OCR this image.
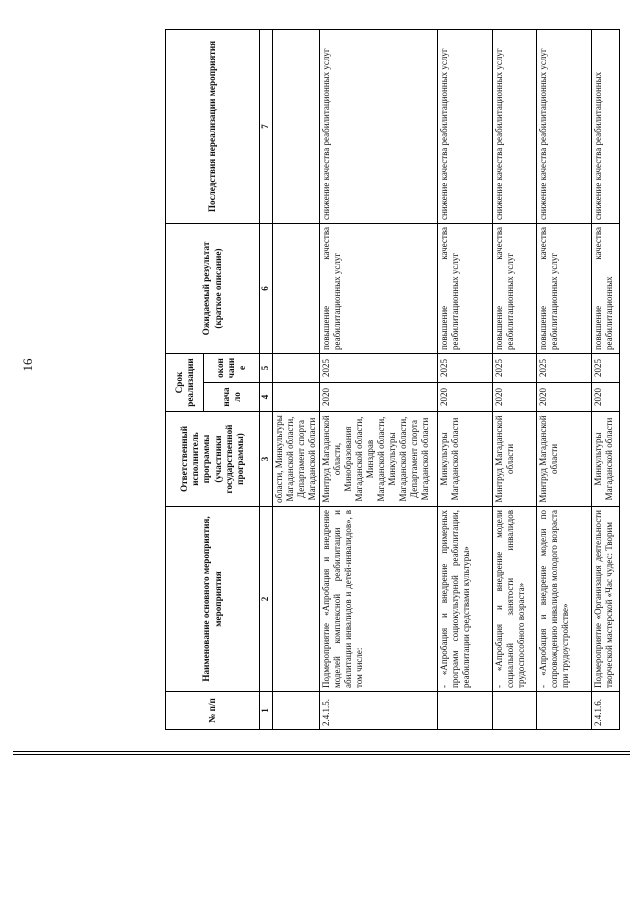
16
№ п/п	Наименование основного мероприятия, мероприятия	Ответственный исполнитель программы (участники государственной программы)	Срок реализации		Ожидаемый результат (краткое описание)	Последствия нереализации мероприятия
			нача ло	окон чани е		
1	2	3	4	5	6	7
		области, Минкультуры Магаданской области, Департамент спорта Магаданской области				
2.4.1.5.	Подмероприятие «Апробация и внедрение моделей комплексной реабилитации и абилитации инвалидов и детей-инвалидов», в том числе:	Минтруд Магаданской области, Минобразования Магаданской области, Минздрав Магаданской области, Минкультуры Магаданской области, Департамент спорта Магаданской области	2020	2025	повышение качества реабилитационных услуг	снижение качества реабилитационных услуг
	- «Апробация и внедрение примерных программ социокультурной реабилитации, реабилитации средствами культуры»	Минкультуры Магаданской области	2020	2025	повышение качества реабилитационных услуг	снижение качества реабилитационных услуг
	- «Апробация и внедрение модели социальной занятости инвалидов трудоспособного возраста»	Минтруд Магаданской области	2020	2025	повышение качества реабилитационных услуг	снижение качества реабилитационных услуг
	- «Апробация и внедрение модели по сопровождению инвалидов молодого возраста при трудоустройстве»	Минтруд Магаданской области	2020	2025	повышение качества реабилитационных услуг	снижение качества реабилитационных услуг
2.4.1.6.	Подмероприятие «Организация деятельности творческой мастерской «Час чудес: Творим	Минкультуры Магаданской области	2020	2025	повышение качества реабилитационных	снижение качества реабилитационных
